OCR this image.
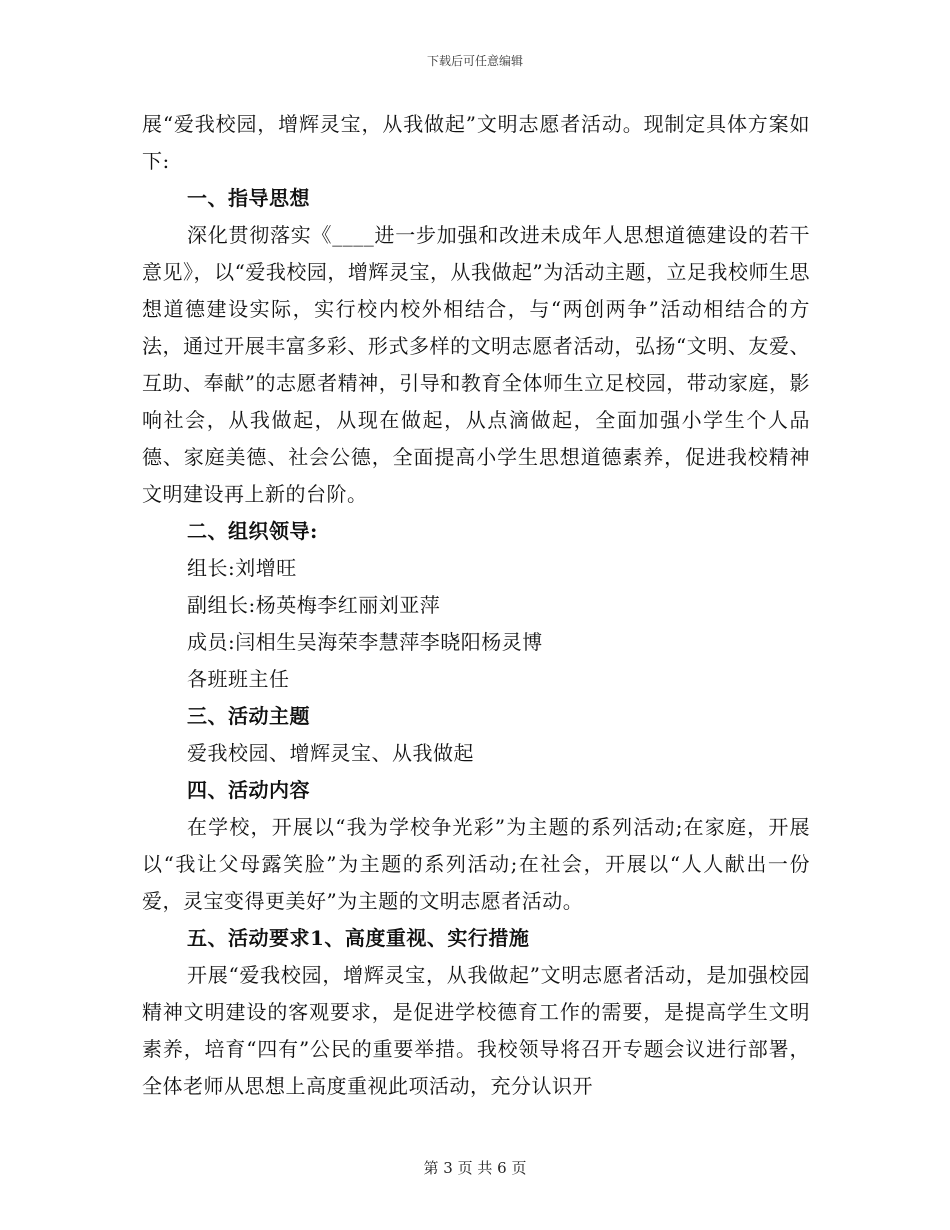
下载后可任意编辑

展“爱我校园，增辉灵宝，从我做起”文明志愿者活动。现制定具体方案如下:

一、指导思想

深化贯彻落实《____进一步加强和改进未成年人思想道德建设的若干意见》，以“爱我校园，增辉灵宝，从我做起”为活动主题，立足我校师生思想道德建设实际，实行校内校外相结合，与“两创两争”活动相结合的方法，通过开展丰富多彩、形式多样的文明志愿者活动，弘扬“文明、友爱、互助、奉献”的志愿者精神，引导和教育全体师生立足校园，带动家庭，影响社会，从我做起，从现在做起，从点滴做起，全面加强小学生个人品德、家庭美德、社会公德，全面提高小学生思想道德素养，促进我校精神文明建设再上新的台阶。

二、组织领导:

组长:刘增旺

副组长:杨英梅李红丽刘亚萍

成员:闫相生吴海荣李慧萍李晓阳杨灵博

各班班主任

三、活动主题

爱我校园、增辉灵宝、从我做起

四、活动内容

在学校，开展以“我为学校争光彩”为主题的系列活动;在家庭，开展以“我让父母露笑脸”为主题的系列活动;在社会，开展以“人人献出一份爱，灵宝变得更美好”为主题的文明志愿者活动。

五、活动要求1、高度重视、实行措施

开展“爱我校园，增辉灵宝，从我做起”文明志愿者活动，是加强校园精神文明建设的客观要求，是促进学校德育工作的需要，是提高学生文明素养，培育“四有”公民的重要举措。我校领导将召开专题会议进行部署，全体老师从思想上高度重视此项活动，充分认识开

第 3 页 共 6 页
